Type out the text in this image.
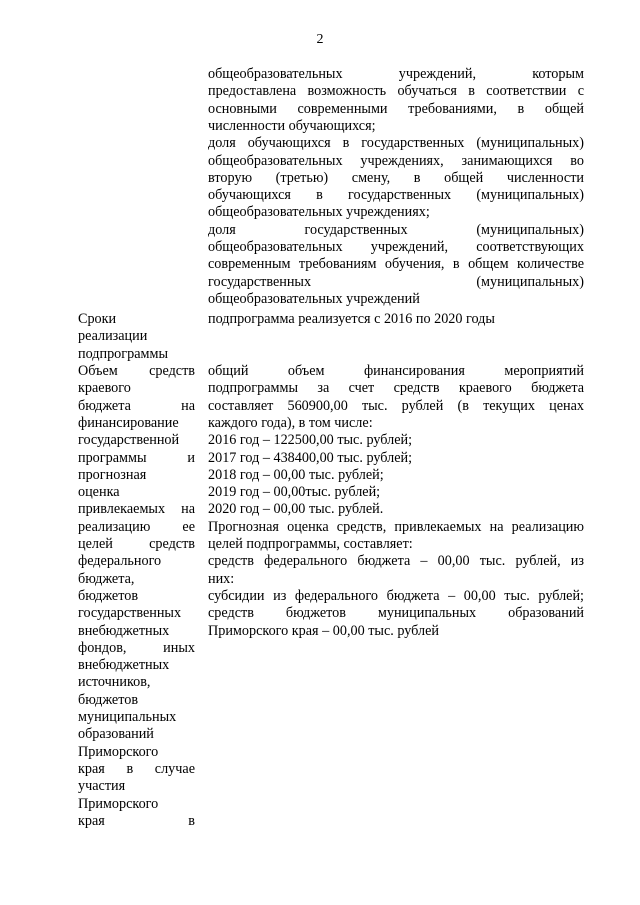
2
общеобразовательных учреждений, которым
предоставлена возможность обучаться в соответствии с
основными современными требованиями, в общей
численности обучающихся;
доля обучающихся в государственных (муниципальных)
общеобразовательных учреждениях, занимающихся во
вторую (третью) смену, в общей численности
обучающихся в государственных (муниципальных)
общеобразовательных учреждениях;
доля государственных (муниципальных)
общеобразовательных учреждений, соответствующих
современным требованиям обучения, в общем количестве
государственных (муниципальных)
общеобразовательных учреждений
Сроки
реализации
подпрограммы
подпрограмма реализуется с 2016 по 2020 годы
Объем средств
краевого
бюджета на
финансирование
государственной
программы и
прогнозная
оценка
привлекаемых на
реализацию ее
целей средств
федерального
бюджета,
бюджетов
государственных
внебюджетных
фондов, иных
внебюджетных
источников,
бюджетов
муниципальных
образований
Приморского
края в случае
участия
Приморского
края в
общий объем финансирования мероприятий
подпрограммы за счет средств краевого бюджета
составляет 560900,00 тыс. рублей (в текущих ценах
каждого года), в том числе:
2016 год – 122500,00 тыс. рублей;
2017 год – 438400,00 тыс. рублей;
2018 год – 00,00 тыс. рублей;
2019 год – 00,00тыс. рублей;
2020 год – 00,00 тыс. рублей.
Прогнозная оценка средств, привлекаемых на реализацию
целей подпрограммы, составляет:
средств федерального бюджета – 00,00 тыс. рублей, из
них:
субсидии из федерального бюджета – 00,00 тыс. рублей;
средств бюджетов муниципальных образований
Приморского края – 00,00 тыс. рублей
